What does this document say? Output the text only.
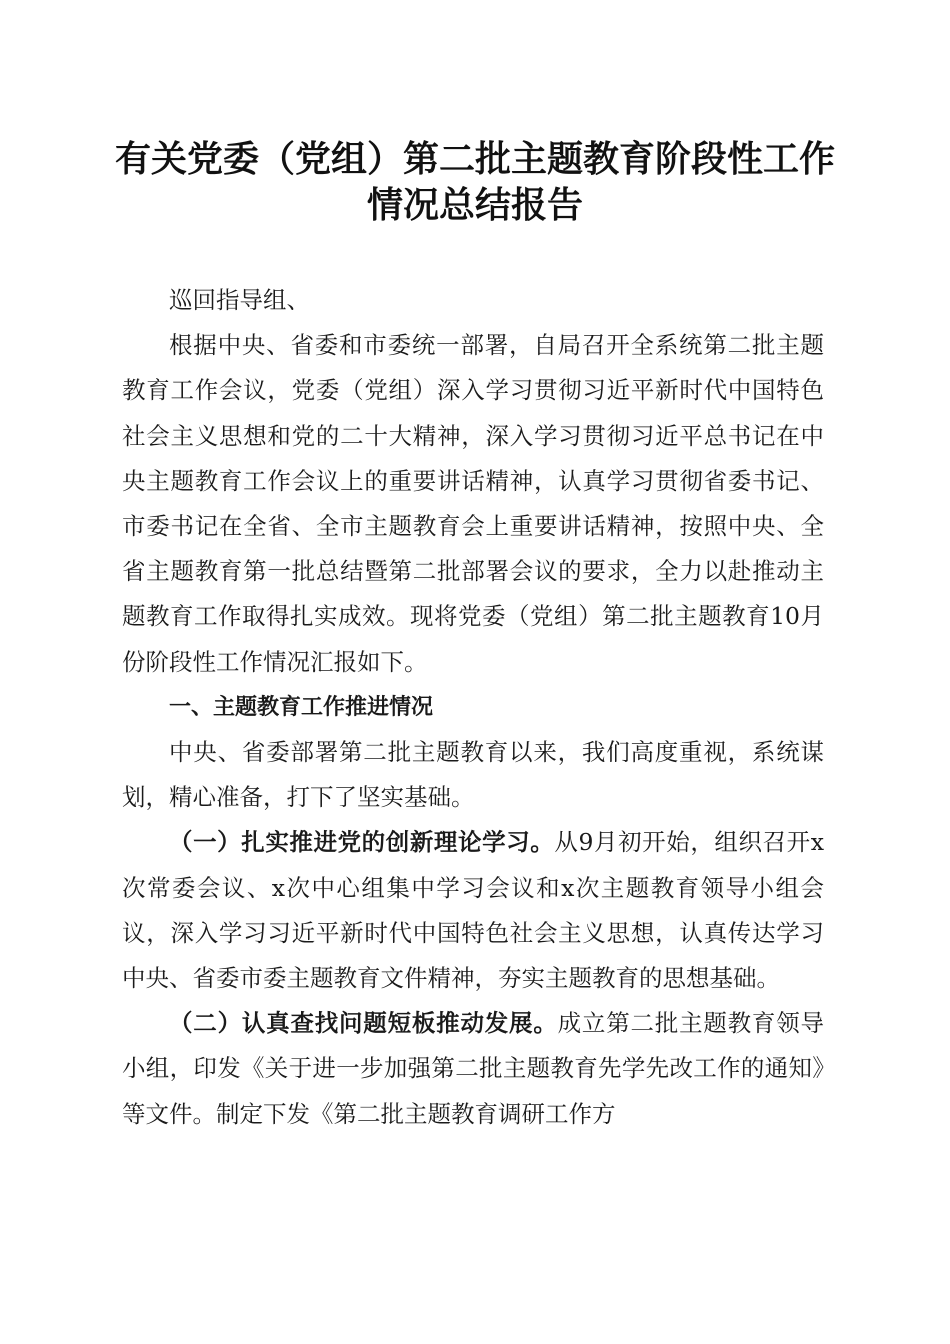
有关党委（党组）第二批主题教育阶段性工作
情况总结报告

巡回指导组、

根据中央、省委和市委统一部署，自局召开全系统第二批主题教育工作会议，党委（党组）深入学习贯彻习近平新时代中国特色社会主义思想和党的二十大精神，深入学习贯彻习近平总书记在中央主题教育工作会议上的重要讲话精神，认真学习贯彻省委书记、市委书记在全省、全市主题教育会上重要讲话精神，按照中央、全省主题教育第一批总结暨第二批部署会议的要求，全力以赴推动主题教育工作取得扎实成效。现将党委（党组）第二批主题教育10月份阶段性工作情况汇报如下。

一、主题教育工作推进情况

中央、省委部署第二批主题教育以来，我们高度重视，系统谋划，精心准备，打下了坚实基础。

（一）扎实推进党的创新理论学习。从9月初开始，组织召开x次常委会议、x次中心组集中学习会议和x次主题教育领导小组会议，深入学习习近平新时代中国特色社会主义思想，认真传达学习中央、省委市委主题教育文件精神，夯实主题教育的思想基础。

（二）认真查找问题短板推动发展。成立第二批主题教育领导小组，印发《关于进一步加强第二批主题教育先学先改工作的通知》等文件。制定下发《第二批主题教育调研工作方
